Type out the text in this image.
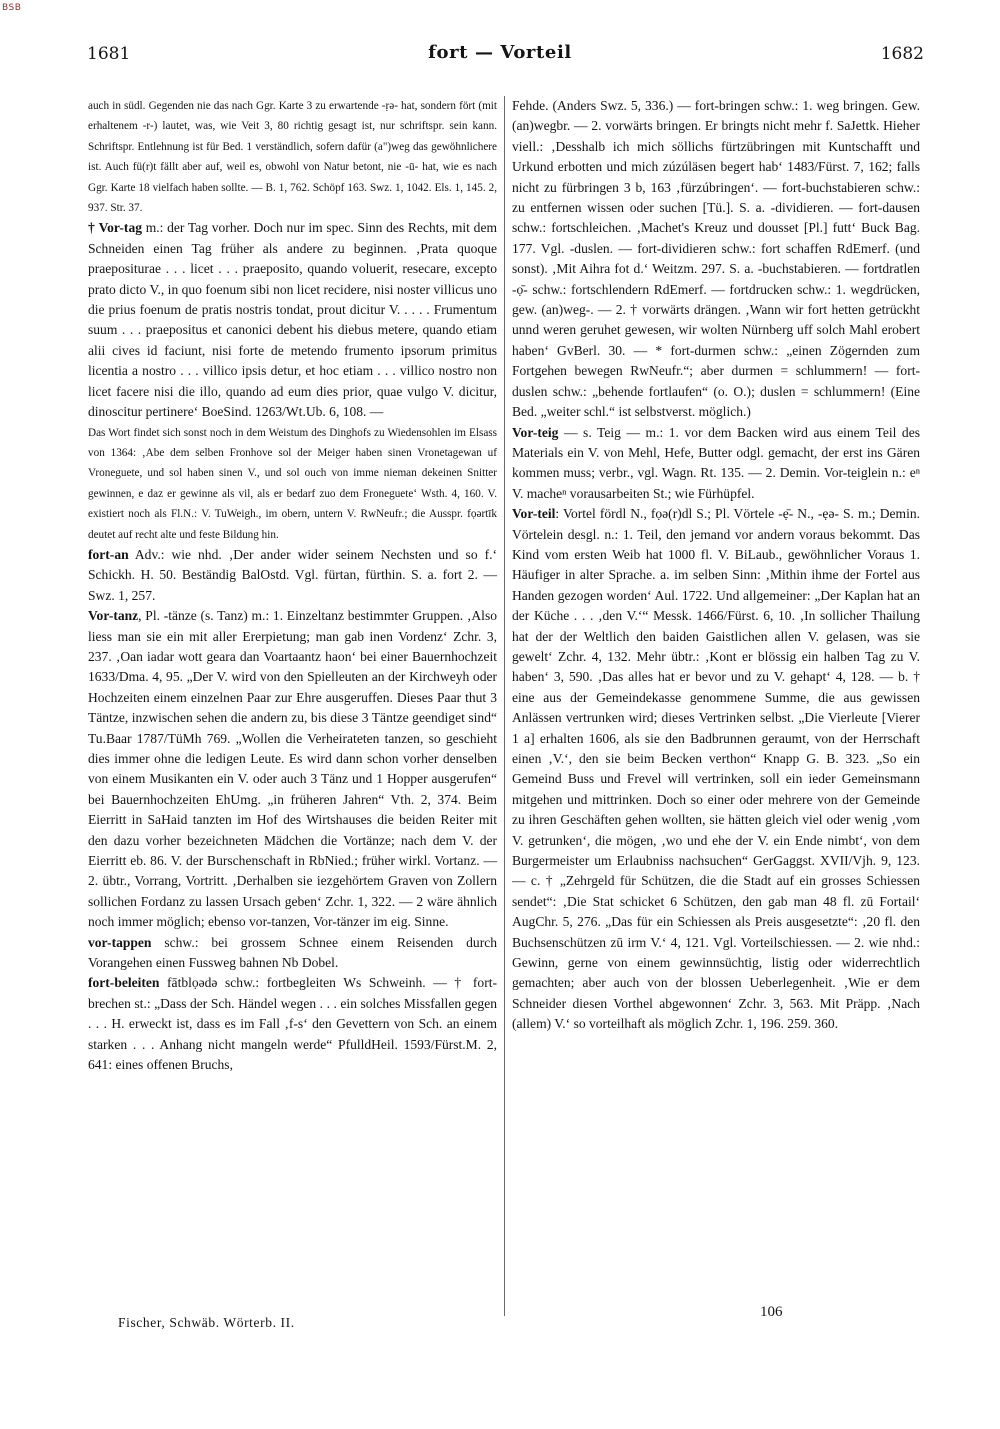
BSB
1681	fort — Vorteil	1682

auch in südl. Gegenden nie das nach Ggr. Karte 3 zu erwartende -ṛə- hat, sondern fört (mit erhaltenem -r-) lautet, was, wie Veit 3, 80 richtig gesagt ist, nur schriftspr. sein kann. Schriftspr. Entlehnung ist für Bed. 1 verständlich, sofern dafür (a")weg das gewöhnlichere ist. Auch fü(r)t fällt aber auf, weil es, obwohl von Natur betont, nie -ū- hat, wie es nach Ggr. Karte 18 vielfach haben sollte. — B. 1, 762. Schöpf 163. Swz. 1, 1042. Els. 1, 145. 2, 937. Str. 37.

† Vor-tag m.: der Tag vorher. Doch nur im spec. Sinn des Rechts, mit dem Schneiden einen Tag früher als andere zu beginnen. ‚Prata quoque praepositurae . . . licet . . . praeposito, quando voluerit, resecare, excepto prato dicto V., in quo foenum sibi non licet recidere, nisi noster villicus uno die prius foenum de pratis nostris tondat, prout dicitur V. . . . . Frumentum suum . . . praepositus et canonici debent his diebus metere, quando etiam alii cives id faciunt, nisi forte de metendo frumento ipsorum primitus licentia a nostro . . . villico ipsis detur, et hoc etiam . . . villico nostro non licet facere nisi die illo, quando ad eum dies prior, quae vulgo V. dicitur, dinoscitur pertinere‘ BoeSind. 1263/Wt.Ub. 6, 108. —

Das Wort findet sich sonst noch in dem Weistum des Dinghofs zu Wiedensohlen im Elsass von 1364: ‚Abe dem selben Fronhove sol der Meiger haben sinen Vronetagewan uf Vroneguete, und sol haben sinen V., und sol ouch von imme nieman dekeinen Snitter gewinnen, e daz er gewinne als vil, als er bedarf zuo dem Froneguete‘ Wsth. 4, 160. V. existiert noch als Fl.N.: V. TuWeigh., im obern, untern V. RwNeufr.; die Ausspr. fọərtīk deutet auf recht alte und feste Bildung hin.

fort-an Adv.: wie nhd. ‚Der ander wider seinem Nechsten und so f.‘ Schickh. H. 50. Beständig BalOstd. Vgl. fürtan, fürthin. S. a. fort 2. — Swz. 1, 257.

Vor-tanz, Pl. -tänze (s. Tanz) m.: 1. Einzeltanz bestimmter Gruppen. ‚Also liess man sie ein mit aller Ererpietung; man gab inen Vordenz‘ Zchr. 3, 237. ‚Oan iadar wott geara dan Voartaantz haon‘ bei einer Bauernhochzeit 1633/Dma. 4, 95. „Der V. wird von den Spielleuten an der Kirchweyh oder Hochzeiten einem einzelnen Paar zur Ehre ausgeruffen. Dieses Paar thut 3 Täntze, inzwischen sehen die andern zu, bis diese 3 Täntze geendiget sind“ Tu.Baar 1787/TüMh 769. „Wollen die Verheirateten tanzen, so geschieht dies immer ohne die ledigen Leute. Es wird dann schon vorher denselben von einem Musikanten ein V. oder auch 3 Tänz und 1 Hopper ausgerufen“ bei Bauernhochzeiten EhUmg. „in früheren Jahren“ Vth. 2, 374. Beim Eierritt in SaHaid tanzten im Hof des Wirtshauses die beiden Reiter mit den dazu vorher bezeichneten Mädchen die Vortänze; nach dem V. der Eierritt eb. 86. V. der Burschenschaft in RbNied.; früher wirkl. Vortanz. — 2. übtr., Vorrang, Vortritt. ‚Derhalben sie iezgehörtem Graven von Zollern sollichen Fordanz zu lassen Ursach geben‘ Zchr. 1, 322. — 2 wäre ähnlich noch immer möglich; ebenso vor-tanzen, Vor-tänzer im eig. Sinne.

vor-tappen schw.: bei grossem Schnee einem Reisenden durch Vorangehen einen Fussweg bahnen Nb Dobel.

fort-beleiten fātblọədə schw.: fortbegleiten Ws Schweinh. — † fort-brechen st.: „Dass der Sch. Händel wegen . . . ein solches Missfallen gegen . . . H. erweckt ist, dass es im Fall ‚f-s‘ den Gevettern von Sch. an einem starken . . . Anhang nicht mangeln werde“ PfulldHeil. 1593/Fürst.M. 2, 641: eines offenen Bruchs,

Fehde. (Anders Swz. 5, 336.) — fort-bringen schw.: 1. weg bringen. Gew. (an)wegbr. — 2. vorwärts bringen. Er bringts nicht mehr f. SaJettk. Hieher viell.: ‚Desshalb ich mich söllichs fürtzübringen mit Kuntschafft und Urkund erbotten und mich zúzúläsen begert hab‘ 1483/Fürst. 7, 162; falls nicht zu fürbringen 3 b, 163 ‚fürzúbringen‘. — fort-buchstabieren schw.: zu entfernen wissen oder suchen [Tü.]. S. a. -dividieren. — fort-dausen schw.: fortschleichen. ‚Machet's Kreuz und dousset [Pl.] futt‘ Buck Bag. 177. Vgl. -duslen. — fort-dividieren schw.: fort schaffen RdEmerf. (und sonst). ‚Mit Aihra fot d.‘ Weitzm. 297. S. a. -buchstabieren. — fortdratlen -ọ̄- schw.: fortschlendern RdEmerf. — fortdrucken schw.: 1. wegdrücken, gew. (an)weg-. — 2. † vorwärts drängen. ‚Wann wir fort hetten getrückht unnd weren geruhet gewesen, wir wolten Nürnberg uff solch Mahl erobert haben‘ GvBerl. 30. — * fort-durmen schw.: „einen Zögernden zum Fortgehen bewegen RwNeufr.“; aber durmen = schlummern! — fort-duslen schw.: „behende fortlaufen“ (o. O.); duslen = schlummern! (Eine Bed. „weiter schl.“ ist selbstverst. möglich.)

Vor-teig — s. Teig — m.: 1. vor dem Backen wird aus einem Teil des Materials ein V. von Mehl, Hefe, Butter odgl. gemacht, der erst ins Gären kommen muss; verbr., vgl. Wagn. Rt. 135. — 2. Demin. Vor-teiglein n.: eⁿ V. macheⁿ vorausarbeiten St.; wie Fürhüpfel.

Vor-teil: Vortel fördl N., fọə(r)dl S.; Pl. Vörtele -ẹ̄- N., -ẹə- S. m.; Demin. Vörtelein desgl. n.: 1. Teil, den jemand vor andern voraus bekommt. Das Kind vom ersten Weib hat 1000 fl. V. BiLaub., gewöhnlicher Voraus 1. Häufiger in alter Sprache. a. im selben Sinn: ‚Mithin ihme der Fortel aus Handen gezogen worden‘ Aul. 1722. Und allgemeiner: „Der Kaplan hat an der Küche . . . ‚den V.‘“ Messk. 1466/Fürst. 6, 10. ‚In sollicher Thailung hat der der Weltlich den baiden Gaistlichen allen V. gelasen, was sie gewelt‘ Zchr. 4, 132. Mehr übtr.: ‚Kont er blössig ein halben Tag zu V. haben‘ 3, 590. ‚Das alles hat er bevor und zu V. gehapt‘ 4, 128. — b. † eine aus der Gemeindekasse genommene Summe, die aus gewissen Anlässen vertrunken wird; dieses Vertrinken selbst. „Die Vierleute [Vierer 1 a] erhalten 1606, als sie den Badbrunnen geraumt, von der Herrschaft einen ‚V.‘, den sie beim Becken verthon“ Knapp G. B. 323. „So ein Gemeind Buss und Frevel will vertrinken, soll ein ieder Gemeinsmann mitgehen und mittrinken. Doch so einer oder mehrere von der Gemeinde zu ihren Geschäften gehen wollten, sie hätten gleich viel oder wenig ‚vom V. getrunken‘, die mögen, ‚wo und ehe der V. ein Ende nimbt‘, von dem Burgermeister um Erlaubniss nachsuchen“ GerGaggst. XVII/Vjh. 9, 123. — c. † „Zehrgeld für Schützen, die die Stadt auf ein grosses Schiessen sendet“: ‚Die Stat schicket 6 Schützen, den gab man 48 fl. zū Fortail‘ AugChr. 5, 276. „Das für ein Schiessen als Preis ausgesetzte“: ‚20 fl. den Buchsenschützen zū irm V.‘ 4, 121. Vgl. Vorteilschiessen. — 2. wie nhd.: Gewinn, gerne von einem gewinnsüchtig, listig oder widerrechtlich gemachten; aber auch von der blossen Ueberlegenheit. ‚Wie er dem Schneider diesen Vorthel abgewonnen‘ Zchr. 3, 563. Mit Präpp. ‚Nach (allem) V.‘ so vorteilhaft als möglich Zchr. 1, 196. 259. 360.

Fischer, Schwäb. Wörterb. II.
106
